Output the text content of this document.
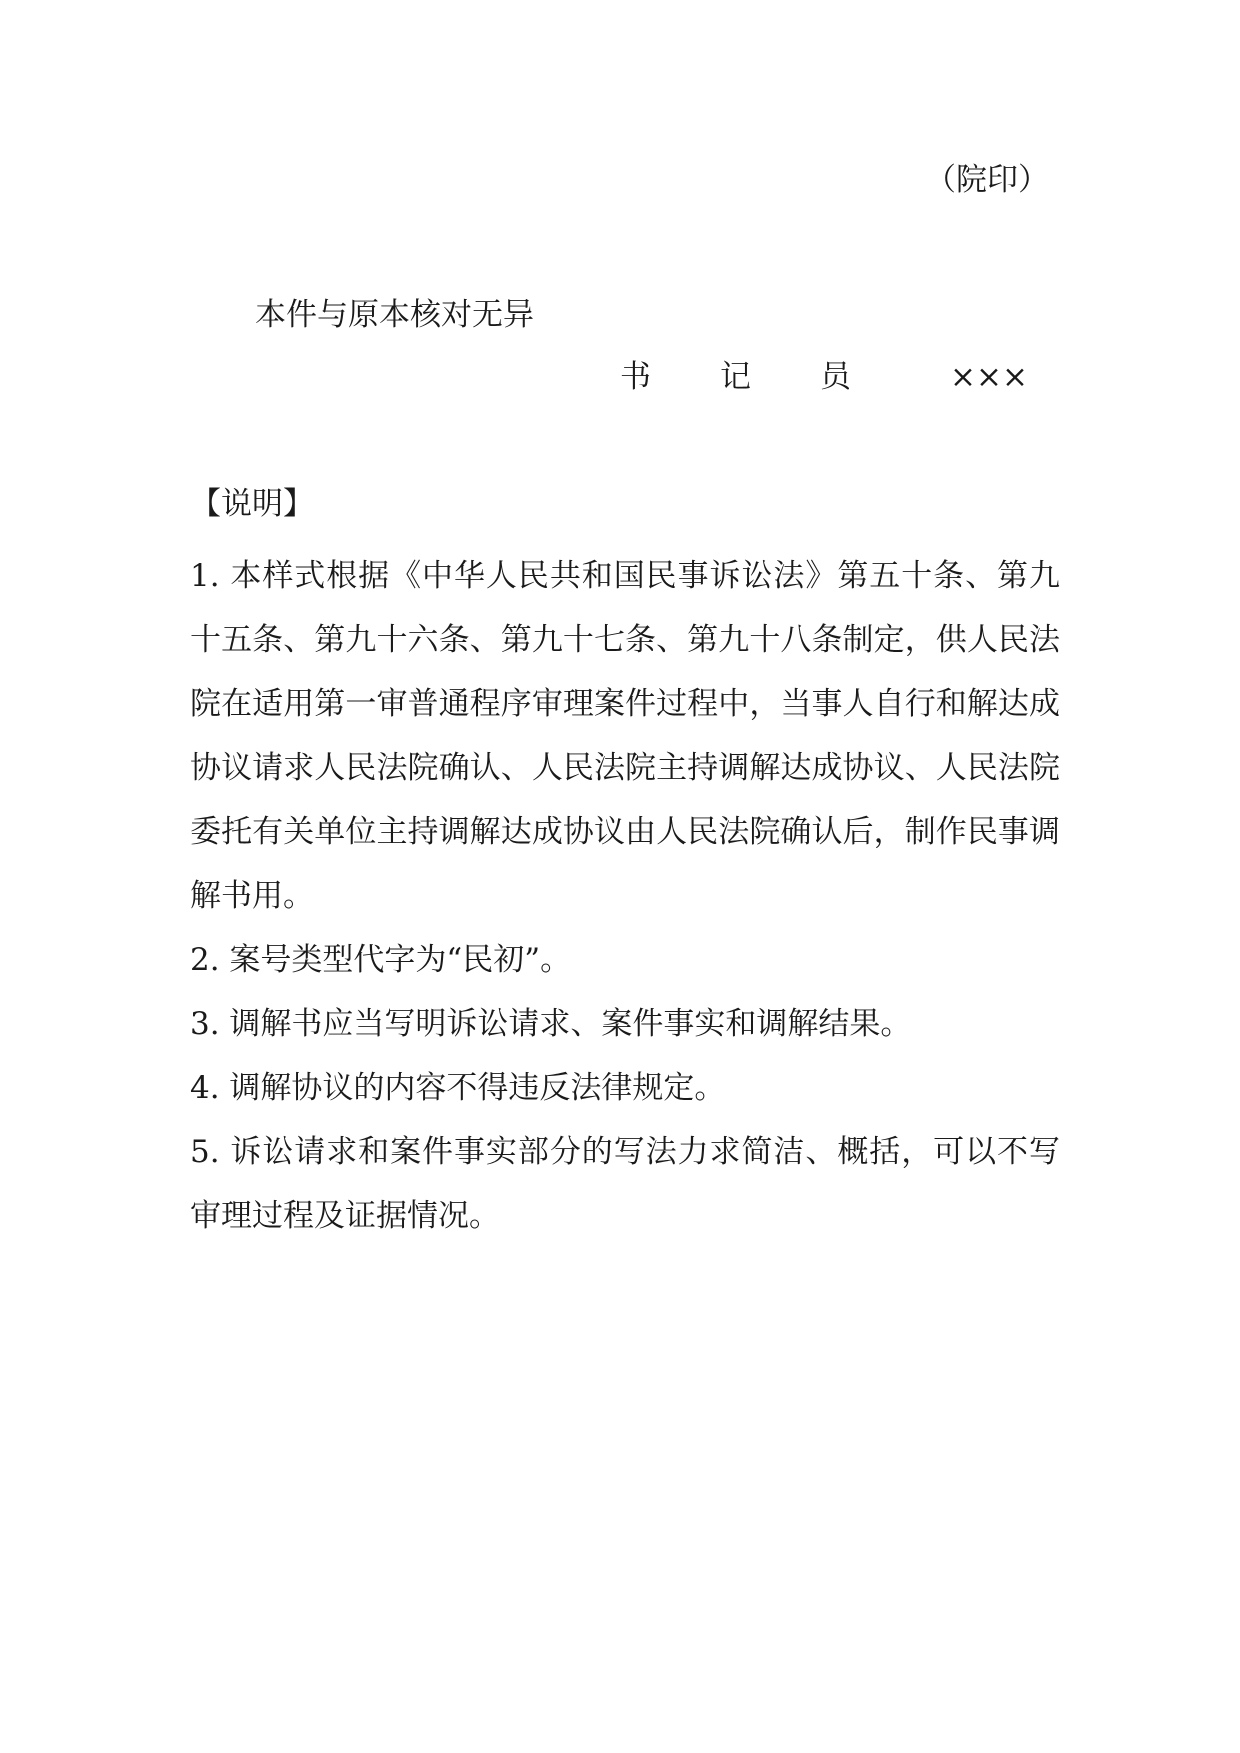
（院印）
本件与原本核对无异
书 记 员	×××
【说明】
1. 本样式根据《中华人民共和国民事诉讼法》第五十条、第九十五条、第九十六条、第九十七条、第九十八条制定，供人民法院在适用第一审普通程序审理案件过程中，当事人自行和解达成协议请求人民法院确认、人民法院主持调解达成协议、人民法院委托有关单位主持调解达成协议由人民法院确认后，制作民事调解书用。
2. 案号类型代字为“民初”。
3. 调解书应当写明诉讼请求、案件事实和调解结果。
4. 调解协议的内容不得违反法律规定。
5. 诉讼请求和案件事实部分的写法力求简洁、概括，可以不写审理过程及证据情况。
